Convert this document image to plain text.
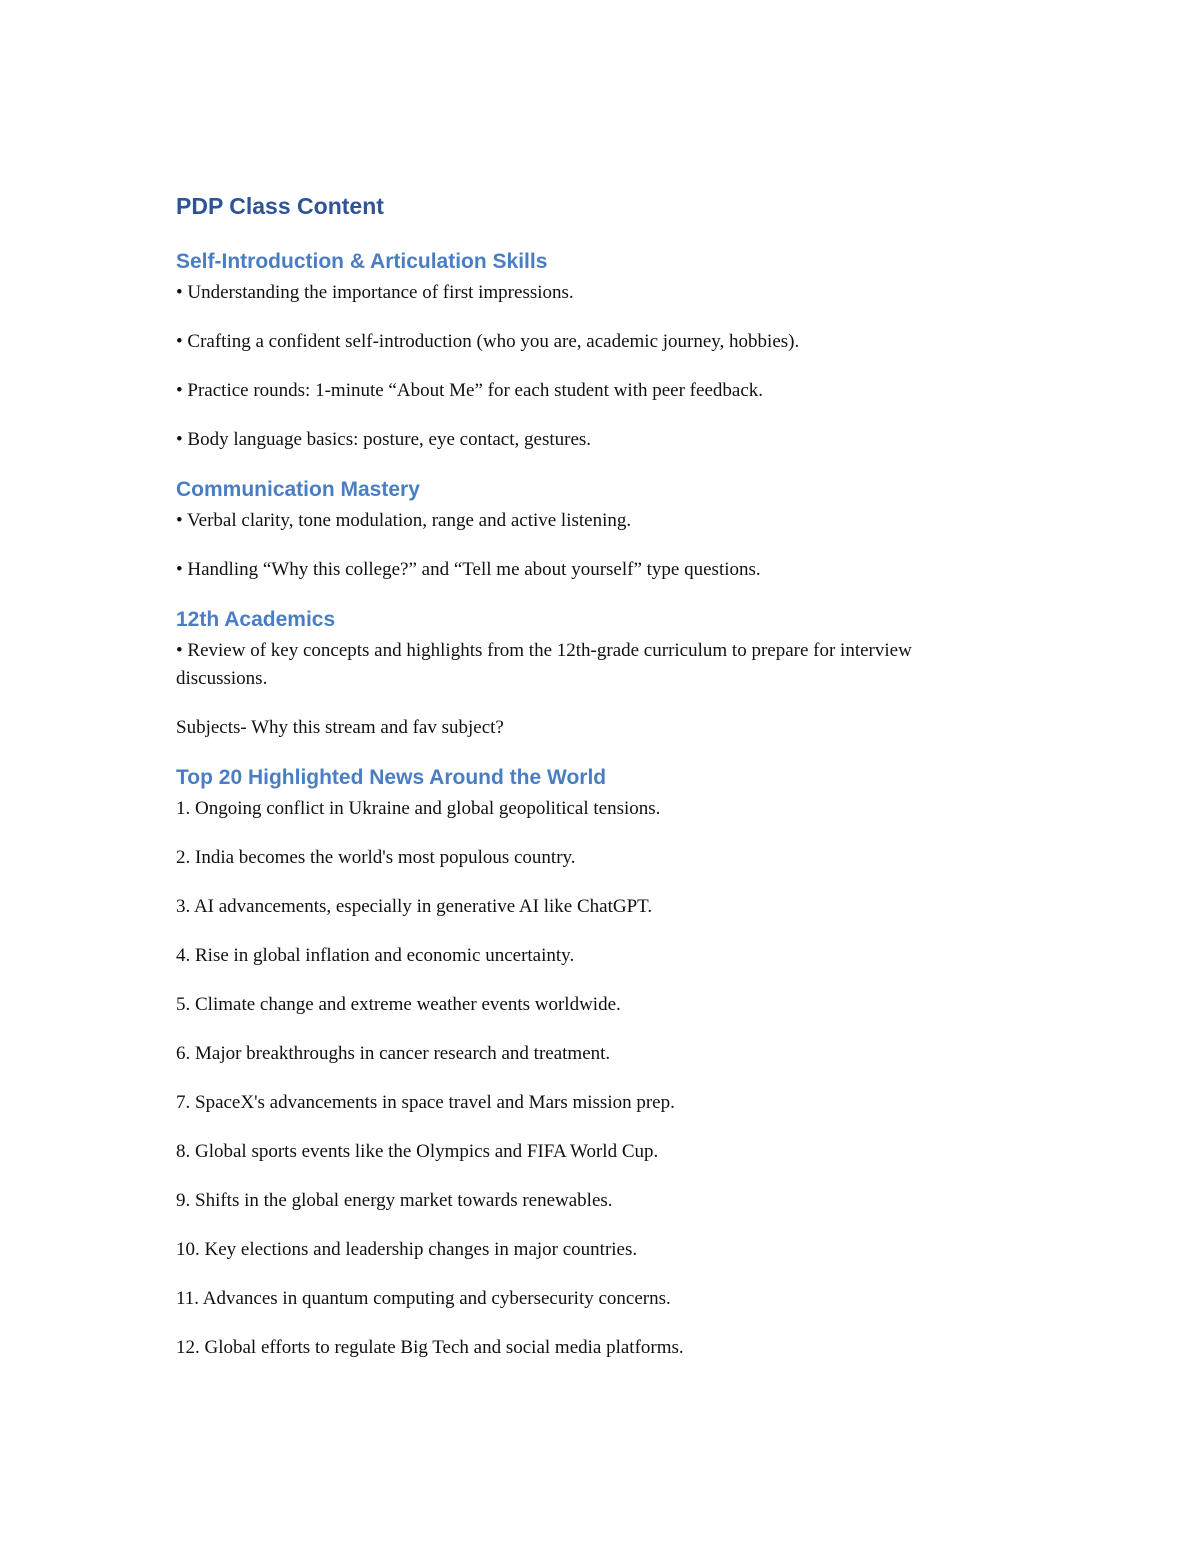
PDP Class Content
Self-Introduction & Articulation Skills

• Understanding the importance of first impressions.

• Crafting a confident self-introduction (who you are, academic journey, hobbies).

• Practice rounds: 1-minute “About Me” for each student with peer feedback.

• Body language basics: posture, eye contact, gestures.

Communication Mastery

• Verbal clarity, tone modulation, range and active listening.

• Handling “Why this college?” and “Tell me about yourself” type questions.

12th Academics

• Review of key concepts and highlights from the 12th-grade curriculum to prepare for interview discussions.

Subjects- Why this stream and fav subject?

Top 20 Highlighted News Around the World

1. Ongoing conflict in Ukraine and global geopolitical tensions.

2. India becomes the world's most populous country.

3. AI advancements, especially in generative AI like ChatGPT.

4. Rise in global inflation and economic uncertainty.

5. Climate change and extreme weather events worldwide.

6. Major breakthroughs in cancer research and treatment.

7. SpaceX's advancements in space travel and Mars mission prep.

8. Global sports events like the Olympics and FIFA World Cup.

9. Shifts in the global energy market towards renewables.

10. Key elections and leadership changes in major countries.

11. Advances in quantum computing and cybersecurity concerns.

12. Global efforts to regulate Big Tech and social media platforms.
